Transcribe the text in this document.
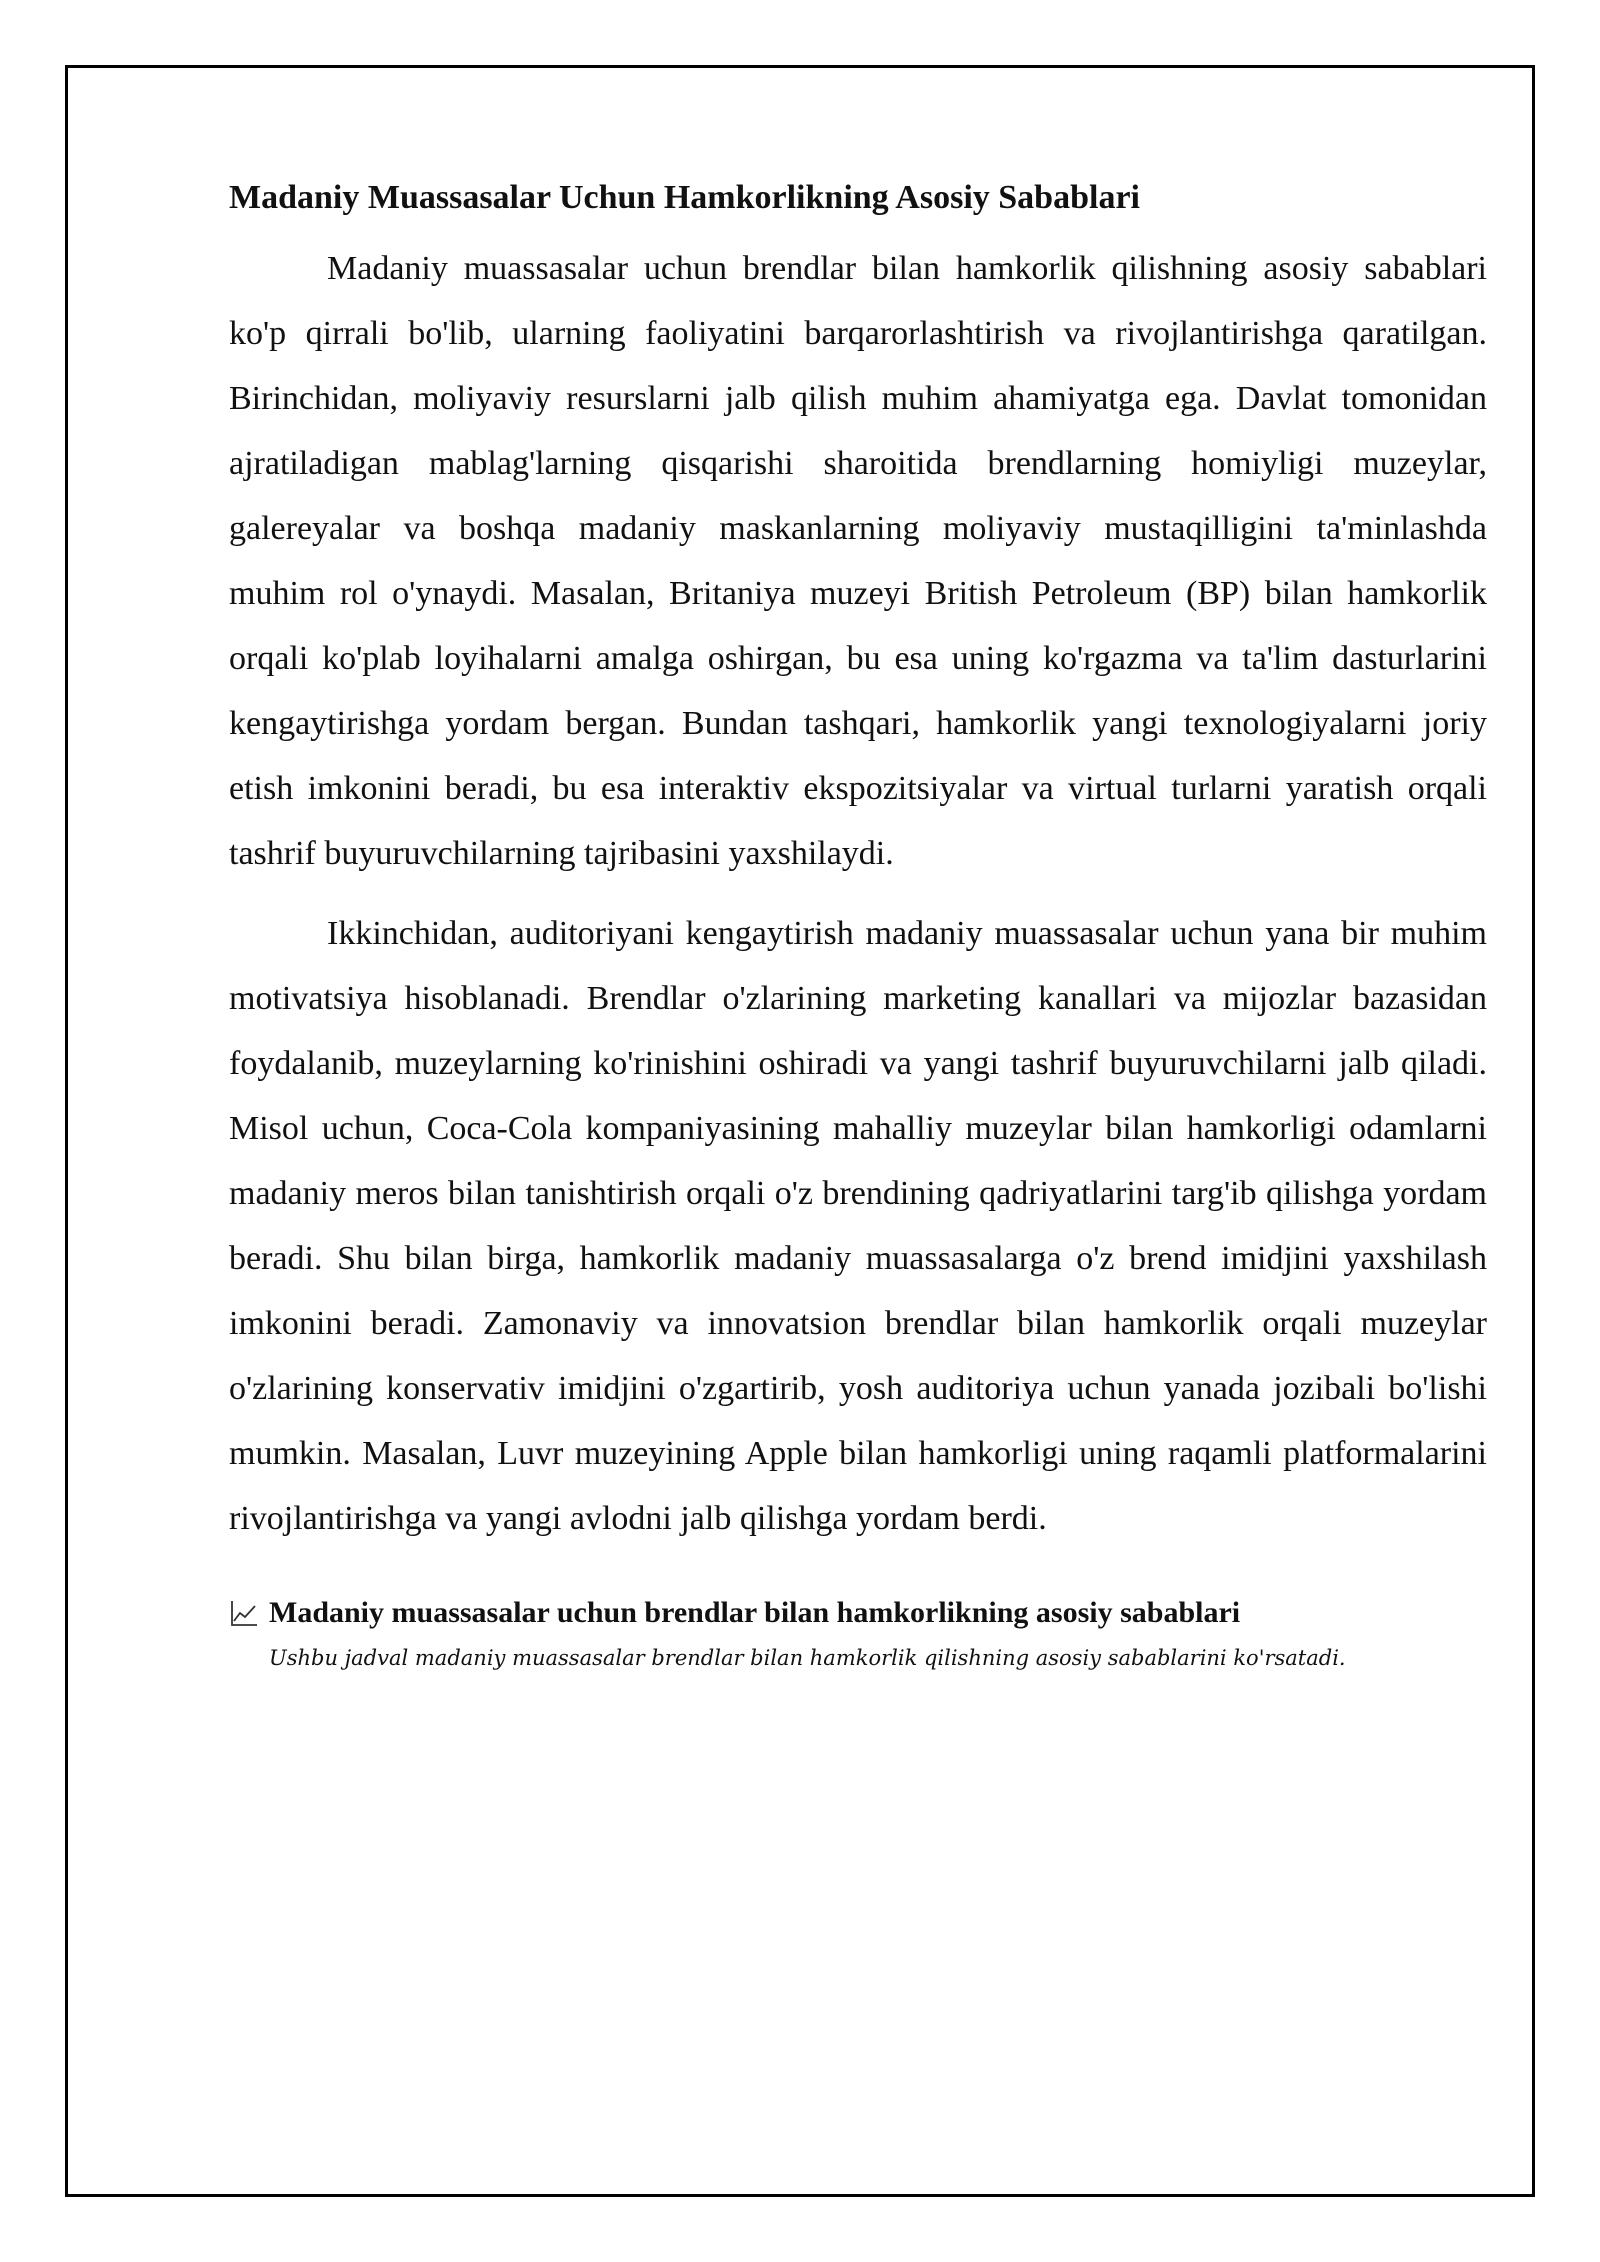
Madaniy Muassasalar Uchun Hamkorlikning Asosiy Sabablari

Madaniy muassasalar uchun brendlar bilan hamkorlik qilishning asosiy sabablari ko'p qirrali bo'lib, ularning faoliyatini barqarorlashtirish va rivojlantirishga qaratilgan. Birinchidan, moliyaviy resurslarni jalb qilish muhim ahamiyatga ega. Davlat tomonidan ajratiladigan mablag'larning qisqarishi sharoitida brendlarning homiyligi muzeylar, galereyalar va boshqa madaniy maskanlarning moliyaviy mustaqilligini ta'minlashda muhim rol o'ynaydi. Masalan, Britaniya muzeyi British Petroleum (BP) bilan hamkorlik orqali ko'plab loyihalarni amalga oshirgan, bu esa uning ko'rgazma va ta'lim dasturlarini kengaytirishga yordam bergan. Bundan tashqari, hamkorlik yangi texnologiyalarni joriy etish imkonini beradi, bu esa interaktiv ekspozitsiyalar va virtual turlarni yaratish orqali tashrif buyuruvchilarning tajribasini yaxshilaydi.

Ikkinchidan, auditoriyani kengaytirish madaniy muassasalar uchun yana bir muhim motivatsiya hisoblanadi. Brendlar o'zlarining marketing kanallari va mijozlar bazasidan foydalanib, muzeylarning ko'rinishini oshiradi va yangi tashrif buyuruvchilarni jalb qiladi. Misol uchun, Coca-Cola kompaniyasining mahalliy muzeylar bilan hamkorligi odamlarni madaniy meros bilan tanishtirish orqali o'z brendining qadriyatlarini targ'ib qilishga yordam beradi. Shu bilan birga, hamkorlik madaniy muassasalarga o'z brend imidjini yaxshilash imkonini beradi. Zamonaviy va innovatsion brendlar bilan hamkorlik orqali muzeylar o'zlarining konservativ imidjini o'zgartirib, yosh auditoriya uchun yanada jozibali bo'lishi mumkin. Masalan, Luvr muzeyining Apple bilan hamkorligi uning raqamli platformalarini rivojlantirishga va yangi avlodni jalb qilishga yordam berdi.

Madaniy muassasalar uchun brendlar bilan hamkorlikning asosiy sabablari
Ushbu jadval madaniy muassasalar brendlar bilan hamkorlik qilishning asosiy sabablarini ko'rsatadi.
